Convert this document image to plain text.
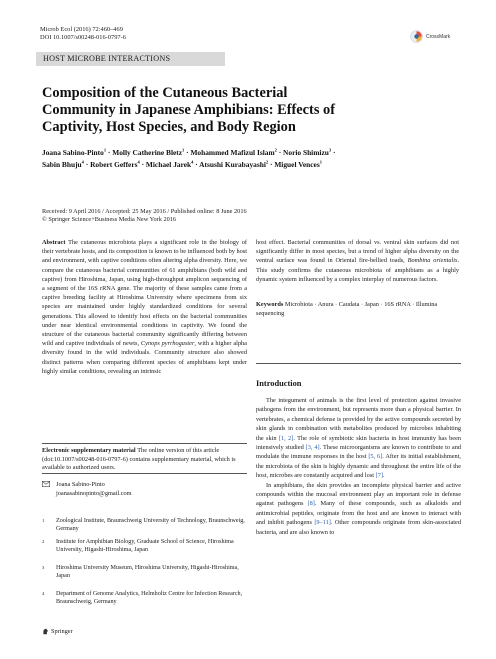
Microb Ecol (2016) 72:460–469
DOI 10.1007/s00248-016-0797-6	CrossMark
HOST MICROBE INTERACTIONS
Composition of the Cutaneous Bacterial Community in Japanese Amphibians: Effects of Captivity, Host Species, and Body Region
Joana Sabino-Pinto$^1$ · Molly Catherine Bletz$^1$ · Mohammed Mafizul Islam$^2$ · Norio Shimizu$^3$ · Sabin Bhuju$^4$ · Robert Geffers$^4$ · Michael Jarek$^4$ · Atsushi Kurabayashi$^2$ · Miguel Vences$^1$
Received: 9 April 2016 / Accepted: 25 May 2016 / Published online: 8 June 2016
© Springer Science+Business Media New York 2016
Abstract The cutaneous microbiota plays a significant role in the biology of their vertebrate hosts, and its composition is known to be influenced both by host and environment, with captive conditions often altering alpha diversity. Here, we compare the cutaneous bacterial communities of 61 amphibians (both wild and captive) from Hiroshima, Japan, using high-throughput amplicon sequencing of a segment of the 16S rRNA gene. The majority of these samples came from a captive breeding facility at Hiroshima University where specimens from six species are maintained under highly standardized conditions for several generations. This allowed to identify host effects on the bacterial communities under near identical environmental conditions in captivity. We found the structure of the cutaneous bacterial community significantly differing between wild and captive individuals of newts, Cynops pyrrhogaster, with a higher alpha diversity found in the wild individuals. Community structure also showed distinct patterns when comparing different species of amphibians kept under highly similar conditions, revealing an intrinsic
host effect. Bacterial communities of dorsal vs. ventral skin surfaces did not significantly differ in most species, but a trend of higher alpha diversity on the ventral surface was found in Oriental fire-bellied toads, Bombina orientalis. This study confirms the cutaneous microbiota of amphibians as a highly dynamic system influenced by a complex interplay of numerous factors.
Keywords Microbiota · Anura · Caudata · Japan · 16S rRNA · Illumina sequencing
Introduction

The integument of animals is the first level of protection against invasive pathogens from the environment, but represents more than a physical barrier. In vertebrates, a chemical defense is provided by the active compounds secreted by skin glands in combination with metabolites produced by microbes inhabiting the skin [1, 2]. The role of symbiotic skin bacteria in host immunity has been intensively studied [3, 4]. These microorganisms are known to contribute to and modulate the immune responses in the host [5, 6]. After its initial establishment, the microbiota of the skin is highly dynamic and throughout the entire life of the host, microbes are constantly acquired and lost [7].

In amphibians, the skin provides an incomplete physical barrier and active compounds within the mucosal environment play an important role in defense against pathogens [8]. Many of these compounds, such as alkaloids and antimicrobial peptides, originate from the host and are known to interact with and inhibit pathogens [9–11]. Other compounds originate from skin-associated bacteria, and are also known to

Electronic supplementary material The online version of this article (doi:10.1007/s00248-016-0797-6) contains supplementary material, which is available to authorized users.
Joana Sabino-Pinto
joanasabinopinto@gmail.com
1	Zoological Institute, Braunschweig University of Technology, Braunschweig, Germany
2	Institute for Amphibian Biology, Graduate School of Science, Hiroshima University, Higashi-Hiroshima, Japan
3	Hiroshima University Museum, Hiroshima University, Higashi-Hiroshima, Japan
4	Department of Genome Analytics, Helmholtz Centre for Infection Research, Braunschweig, Germany
Springer
